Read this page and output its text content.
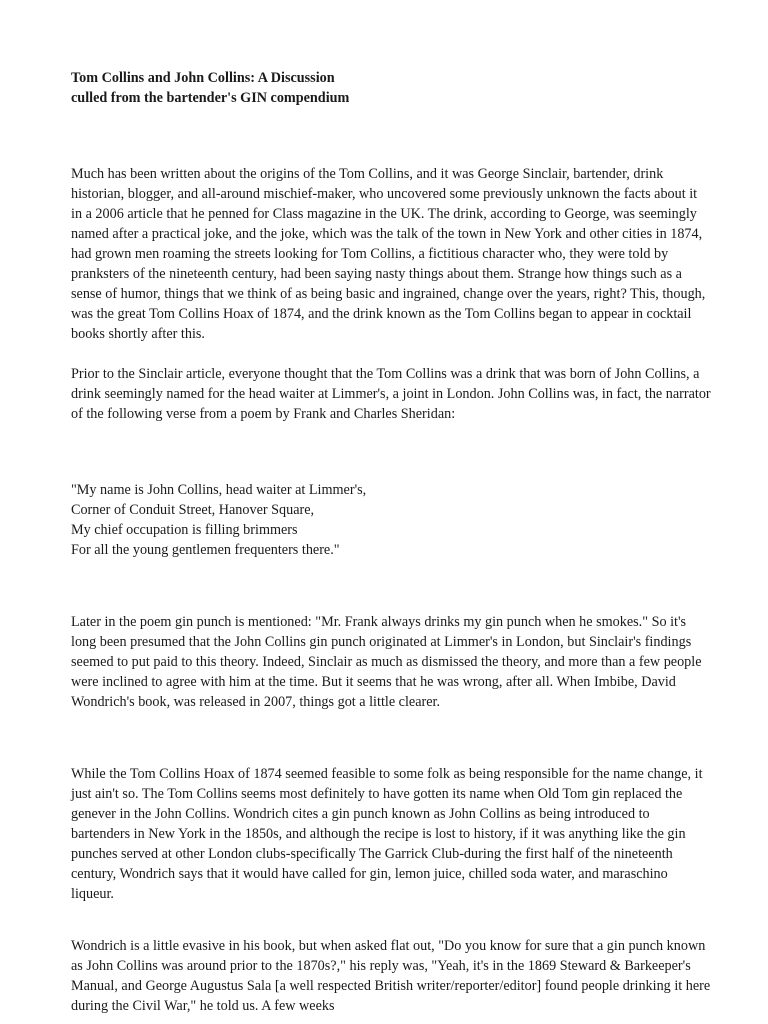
Tom Collins and John Collins: A Discussion

culled from the bartender's GIN compendium

Much has been written about the origins of the Tom Collins, and it was George Sinclair, bartender, drink historian, blogger, and all-around mischief-maker, who uncovered some previously unknown the facts about it in a 2006 article that he penned for Class magazine in the UK. The drink, according to George, was seemingly named after a practical joke, and the joke, which was the talk of the town in New York and other cities in 1874, had grown men roaming the streets looking for Tom Collins, a fictitious character who, they were told by pranksters of the nineteenth century, had been saying nasty things about them. Strange how things such as a sense of humor, things that we think of as being basic and ingrained, change over the years, right? This, though, was the great Tom Collins Hoax of 1874, and the drink known as the Tom Collins began to appear in cocktail books shortly after this.

Prior to the Sinclair article, everyone thought that the Tom Collins was a drink that was born of John Collins, a drink seemingly named for the head waiter at Limmer's, a joint in London. John Collins was, in fact, the narrator of the following verse from a poem by Frank and Charles Sheridan:

"My name is John Collins, head waiter at Limmer's,

Corner of Conduit Street, Hanover Square,

My chief occupation is filling brimmers

For all the young gentlemen frequenters there."

Later in the poem gin punch is mentioned: "Mr. Frank always drinks my gin punch when he smokes." So it's long been presumed that the John Collins gin punch originated at Limmer's in London, but Sinclair's findings seemed to put paid to this theory. Indeed, Sinclair as much as dismissed the theory, and more than a few people were inclined to agree with him at the time. But it seems that he was wrong, after all. When Imbibe, David Wondrich's book, was released in 2007, things got a little clearer.

While the Tom Collins Hoax of 1874 seemed feasible to some folk as being responsible for the name change, it just ain't so. The Tom Collins seems most definitely to have gotten its name when Old Tom gin replaced the genever in the John Collins. Wondrich cites a gin punch known as John Collins as being introduced to bartenders in New York in the 1850s, and although the recipe is lost to history, if it was anything like the gin punches served at other London clubs-specifically The Garrick Club-during the first half of the nineteenth century, Wondrich says that it would have called for gin, lemon juice, chilled soda water, and maraschino liqueur.

Wondrich is a little evasive in his book, but when asked flat out, "Do you know for sure that a gin punch known as John Collins was around prior to the 1870s?," his reply was, "Yeah, it's in the 1869 Steward & Barkeeper's Manual, and George Augustus Sala [a well respected British writer/reporter/editor] found people drinking it here during the Civil War," he told us. A few weeks
